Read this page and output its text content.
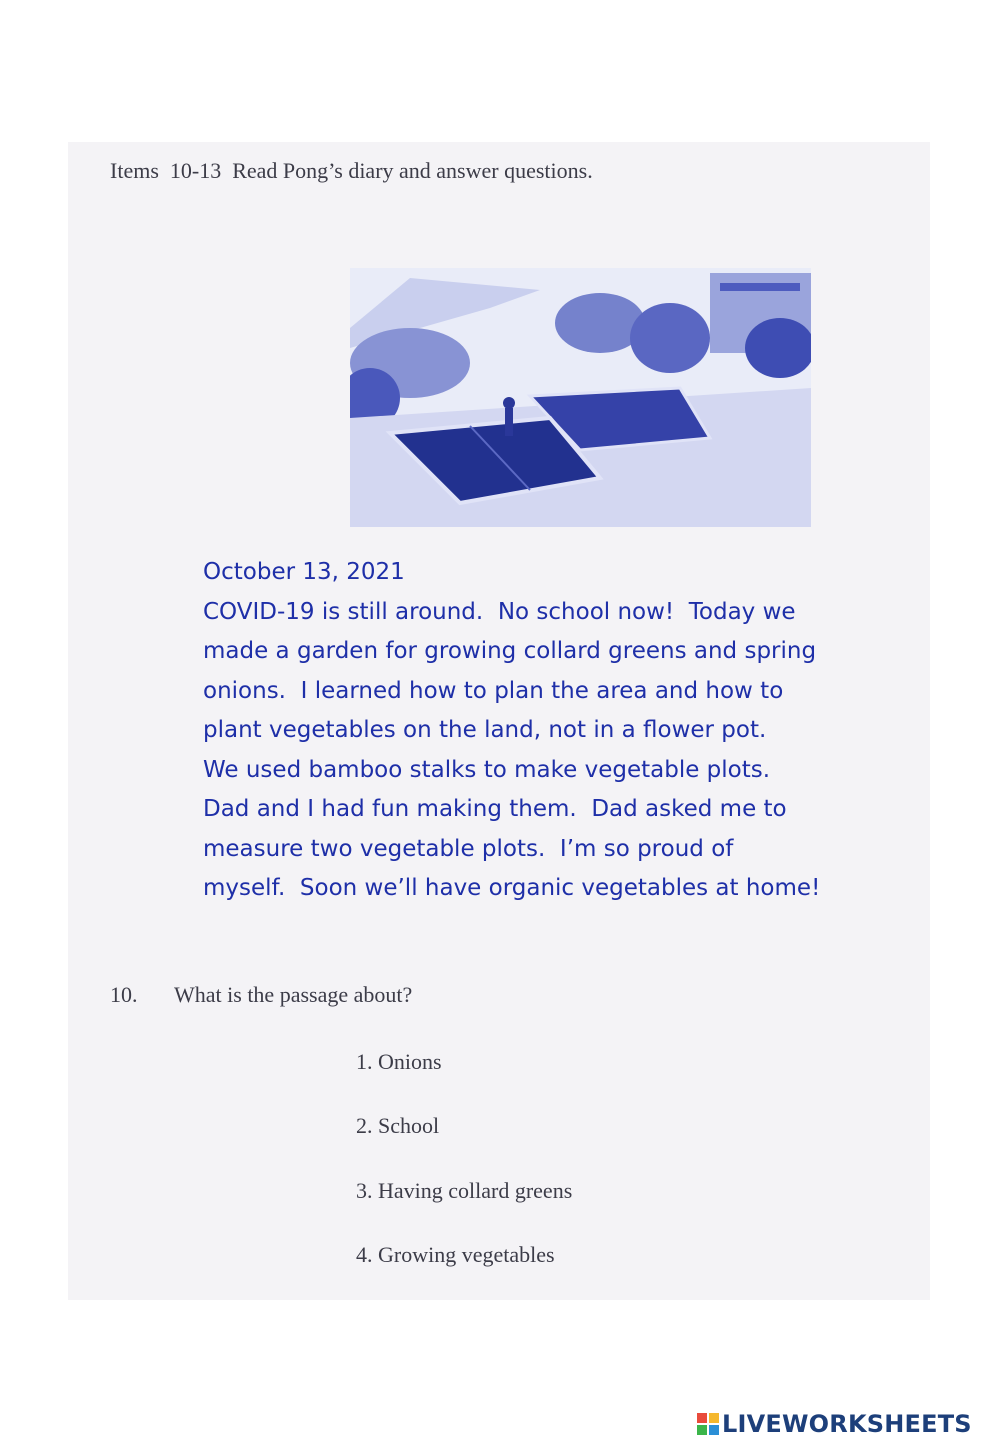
Items  10-13  Read Pong’s diary and answer questions.
October 13, 2021
COVID-19 is still around.  No school now!  Today we
made a garden for growing collard greens and spring
onions.  I learned how to plan the area and how to
plant vegetables on the land, not in a flower pot.
We used bamboo stalks to make vegetable plots.
Dad and I had fun making them.  Dad asked me to
measure two vegetable plots.  I’m so proud of
myself.  Soon we’ll have organic vegetables at home!
10. What is the passage about?
1. Onions
2. School
3. Having collard greens
4. Growing vegetables
LIVEWORKSHEETS
